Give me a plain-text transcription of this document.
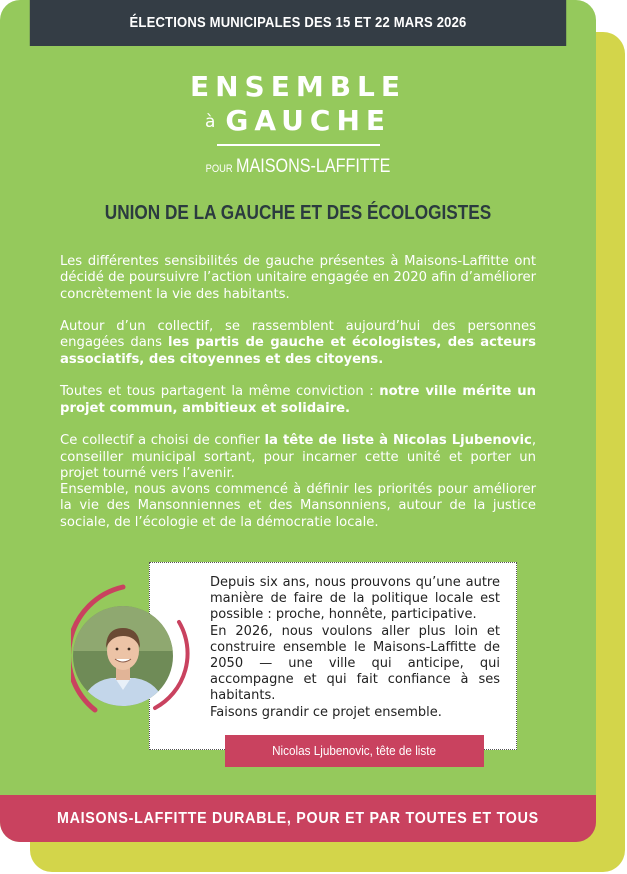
ÉLECTIONS MUNICIPALES DES 15 ET 22 MARS 2026
ENSEMBLE
à GAUCHE
POUR MAISONS-LAFFITTE
UNION DE LA GAUCHE ET DES ÉCOLOGISTES

Les différentes sensibilités de gauche présentes à Maisons-Laffitte ont décidé de poursuivre l’action unitaire engagée en 2020 afin d’améliorer concrètement la vie des habitants.

Autour d’un collectif, se rassemblent aujourd’hui des personnes engagées dans les partis de gauche et écologistes, des acteurs associatifs, des citoyennes et des citoyens.

Toutes et tous partagent la même conviction : notre ville mérite un projet commun, ambitieux et solidaire.

Ce collectif a choisi de confier la tête de liste à Nicolas Ljubenovic, conseiller municipal sortant, pour incarner cette unité et porter un projet tourné vers l’avenir.

Ensemble, nous avons commencé à définir les priorités pour améliorer la vie des Mansonniennes et des Mansonniens, autour de la justice sociale, de l’écologie et de la démocratie locale.

Depuis six ans, nous prouvons qu’une autre manière de faire de la politique locale est possible : proche, honnête, participative.

En 2026, nous voulons aller plus loin et construire ensemble le Maisons-Laffitte de 2050 — une ville qui anticipe, qui accompagne et qui fait confiance à ses habitants.

Faisons grandir ce projet ensemble.

Nicolas Ljubenovic, tête de liste
MAISONS-LAFFITTE DURABLE, POUR ET PAR TOUTES ET TOUS
